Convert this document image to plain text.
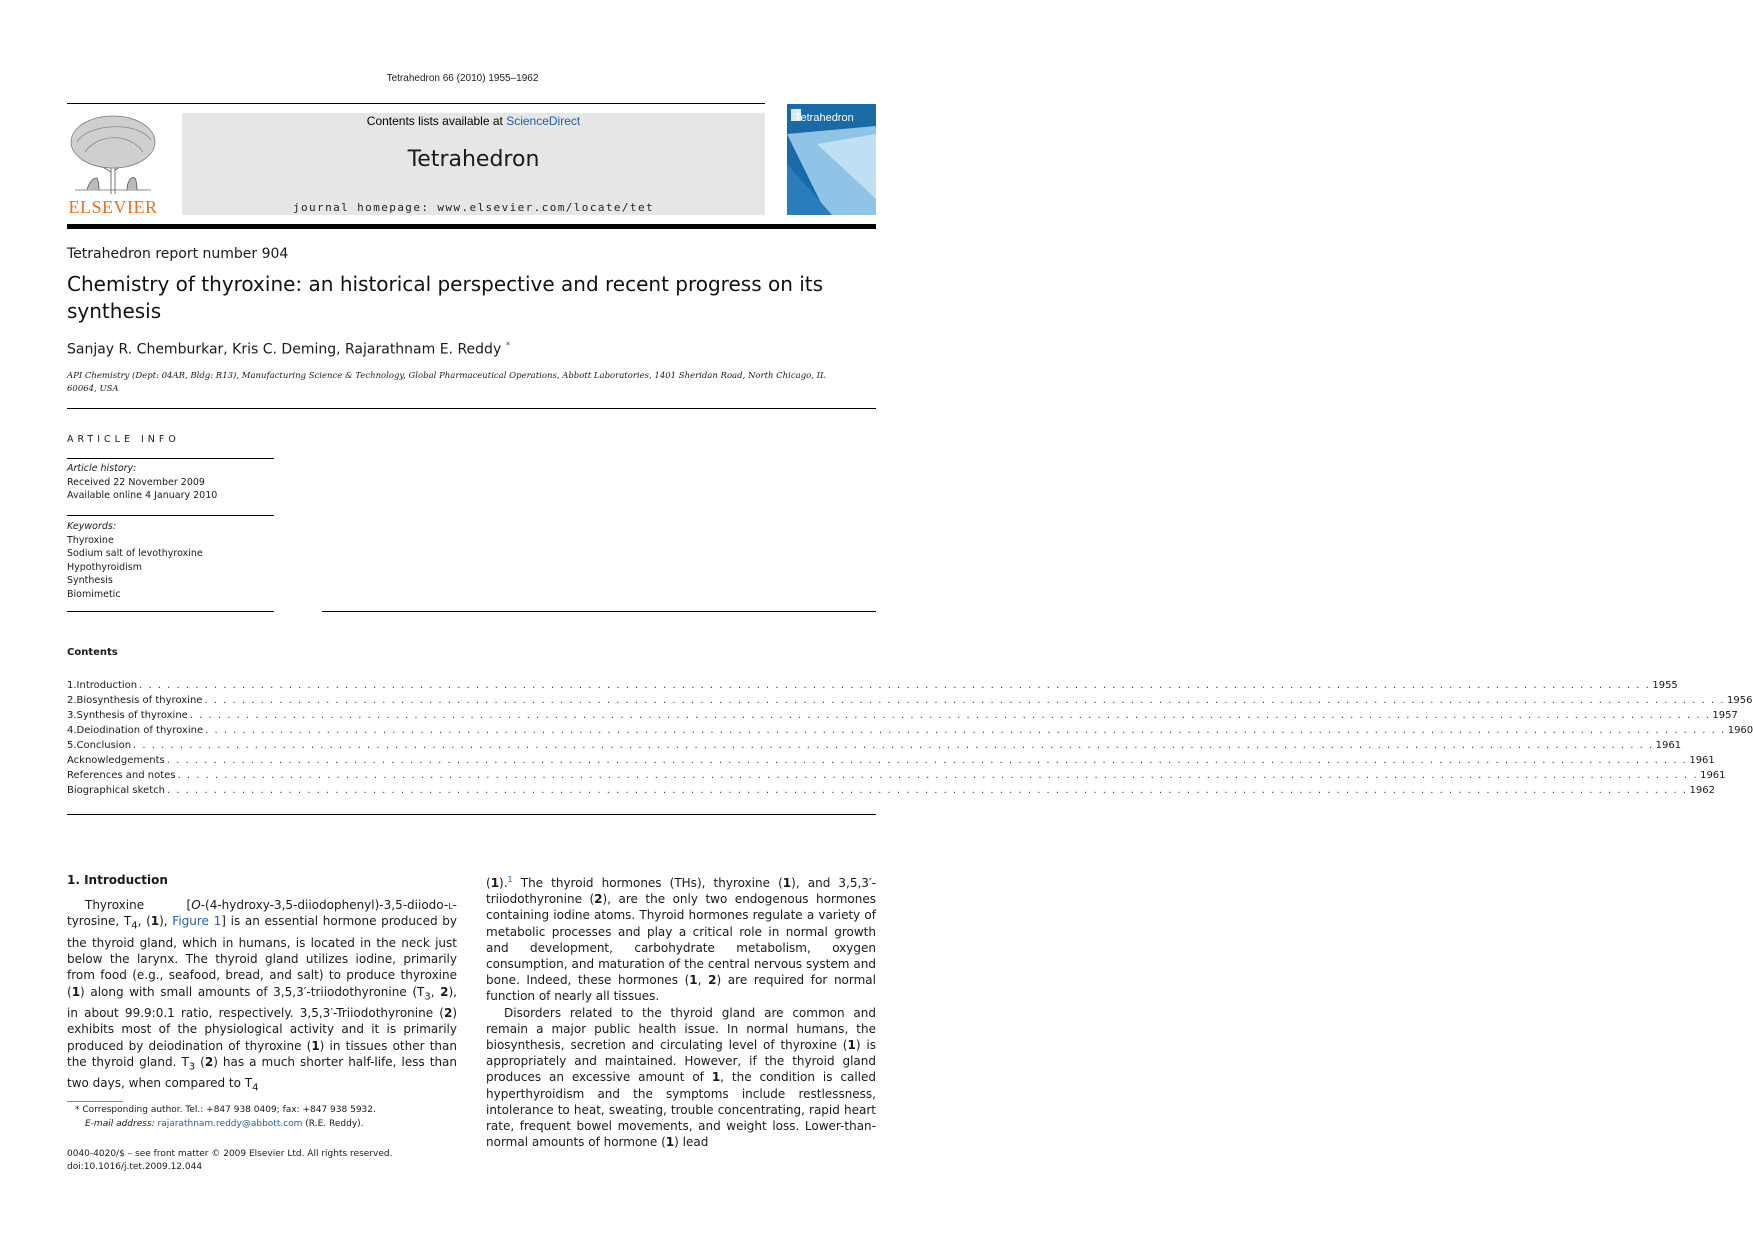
Tetrahedron 66 (2010) 1955–1962
ELSEVIER
Contents lists available at ScienceDirect
Tetrahedron
journal homepage: www.elsevier.com/locate/tet
Tetrahedron
Tetrahedron report number 904
Chemistry of thyroxine: an historical perspective and recent progress on its synthesis
Sanjay R. Chemburkar, Kris C. Deming, Rajarathnam E. Reddy *
API Chemistry (Dept: 04AR, Bldg: R13), Manufacturing Science & Technology, Global Pharmaceutical Operations, Abbott Laboratories, 1401 Sheridan Road, North Chicago, IL 60064, USA
ARTICLE INFO
Article history:
Received 22 November 2009
Available online 4 January 2010
Keywords:
Thyroxine
Sodium salt of levothyroxine
Hypothyroidism
Synthesis
Biomimetic
Contents
1. Introduction . . . . . . . . . . . . . . . . . . . . . . . . . . . . . . . . . . . . . . . . . . . . . . . . . . . . . . . . . . . . . . . . . . . . . . . . . . . . . . . . . . . . . . . . . . . . . . . . . . . . . . . . . . . . . . . . . . . . . . . . . . . . . . . . . . . . . . . . . . . . . . . . . . . . . . . . . . . . . . . . . . 1955
2. Biosynthesis of thyroxine . . . . . . . . . . . . . . . . . . . . . . . . . . . . . . . . . . . . . . . . . . . . . . . . . . . . . . . . . . . . . . . . . . . . . . . . . . . . . . . . . . . . . . . . . . . . . . . . . . . . . . . . . . . . . . . . . . . . . . . . . . . . . . . . . . . . . . . . . . . . . . . . . . . . . . . . . . . . . . . . . . . 1956
3. Synthesis of thyroxine . . . . . . . . . . . . . . . . . . . . . . . . . . . . . . . . . . . . . . . . . . . . . . . . . . . . . . . . . . . . . . . . . . . . . . . . . . . . . . . . . . . . . . . . . . . . . . . . . . . . . . . . . . . . . . . . . . . . . . . . . . . . . . . . . . . . . . . . . . . . . . . . . . . . . . . . . . . . . . . . . . . 1957
4. Deiodination of thyroxine . . . . . . . . . . . . . . . . . . . . . . . . . . . . . . . . . . . . . . . . . . . . . . . . . . . . . . . . . . . . . . . . . . . . . . . . . . . . . . . . . . . . . . . . . . . . . . . . . . . . . . . . . . . . . . . . . . . . . . . . . . . . . . . . . . . . . . . . . . . . . . . . . . . . . . . . . . . . . . . . . . . 1960
5. Conclusion . . . . . . . . . . . . . . . . . . . . . . . . . . . . . . . . . . . . . . . . . . . . . . . . . . . . . . . . . . . . . . . . . . . . . . . . . . . . . . . . . . . . . . . . . . . . . . . . . . . . . . . . . . . . . . . . . . . . . . . . . . . . . . . . . . . . . . . . . . . . . . . . . . . . . . . . . . . . . . . . . . . 1961
Acknowledgements . . . . . . . . . . . . . . . . . . . . . . . . . . . . . . . . . . . . . . . . . . . . . . . . . . . . . . . . . . . . . . . . . . . . . . . . . . . . . . . . . . . . . . . . . . . . . . . . . . . . . . . . . . . . . . . . . . . . . . . . . . . . . . . . . . . . . . . . . . . . . . . . . . . . . . . . . . . . . . . . . . . 1961
References and notes . . . . . . . . . . . . . . . . . . . . . . . . . . . . . . . . . . . . . . . . . . . . . . . . . . . . . . . . . . . . . . . . . . . . . . . . . . . . . . . . . . . . . . . . . . . . . . . . . . . . . . . . . . . . . . . . . . . . . . . . . . . . . . . . . . . . . . . . . . . . . . . . . . . . . . . . . . . . . . . . . . . 1961
Biographical sketch . . . . . . . . . . . . . . . . . . . . . . . . . . . . . . . . . . . . . . . . . . . . . . . . . . . . . . . . . . . . . . . . . . . . . . . . . . . . . . . . . . . . . . . . . . . . . . . . . . . . . . . . . . . . . . . . . . . . . . . . . . . . . . . . . . . . . . . . . . . . . . . . . . . . . . . . . . . . . . . . . . . 1962

1. Introduction

Thyroxine [O-(4-hydroxy-3,5-diiodophenyl)-3,5-diiodo-l-tyrosine, $T_4$, (1), Figure 1] is an essential hormone produced by the thyroid gland, which in humans, is located in the neck just below the larynx. The thyroid gland utilizes iodine, primarily from food (e.g., seafood, bread, and salt) to produce thyroxine (1) along with small amounts of 3,5,3′-triiodothyronine ($T_3$, 2), in about 99.9:0.1 ratio, respectively. 3,5,3′-Triiodothyronine (2) exhibits most of the physiological activity and it is primarily produced by deiodination of thyroxine (1) in tissues other than the thyroid gland. $T_3$ (2) has a much shorter half-life, less than two days, when compared to $T_4$

(1).$^1$ The thyroid hormones (THs), thyroxine (1), and 3,5,3′-triiodothyronine (2), are the only two endogenous hormones containing iodine atoms. Thyroid hormones regulate a variety of metabolic processes and play a critical role in normal growth and development, carbohydrate metabolism, oxygen consumption, and maturation of the central nervous system and bone. Indeed, these hormones (1, 2) are required for normal function of nearly all tissues.

Disorders related to the thyroid gland are common and remain a major public health issue. In normal humans, the biosynthesis, secretion and circulating level of thyroxine (1) is appropriately and maintained. However, if the thyroid gland produces an excessive amount of 1, the condition is called hyperthyroidism and the symptoms include restlessness, intolerance to heat, sweating, trouble concentrating, rapid heart rate, frequent bowel movements, and weight loss. Lower-than-normal amounts of hormone (1) lead

* Corresponding author. Tel.: +847 938 0409; fax: +847 938 5932.
E-mail address: rajarathnam.reddy@abbott.com (R.E. Reddy).
0040-4020/$ – see front matter © 2009 Elsevier Ltd. All rights reserved.
doi:10.1016/j.tet.2009.12.044
